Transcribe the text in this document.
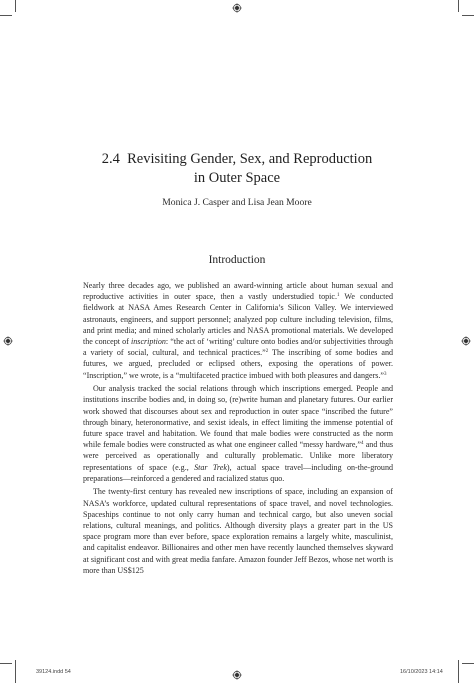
2.4 Revisiting Gender, Sex, and Reproduction
in Outer Space
Monica J. Casper and Lisa Jean Moore
Introduction

Nearly three decades ago, we published an award-winning article about human sexual and reproductive activities in outer space, then a vastly understudied topic.$^1$ We conducted fieldwork at NASA Ames Research Center in California’s Silicon Valley. We interviewed astronauts, engineers, and support personnel; analyzed pop culture including television, films, and print media; and mined scholarly articles and NASA promotional materials. We developed the concept of inscription: “the act of ‘writing’ culture onto bodies and/or subjectivities through a variety of social, cultural, and technical practices.”$^2$ The inscribing of some bodies and futures, we argued, precluded or eclipsed others, exposing the operations of power. “Inscription,” we wrote, is a “multifaceted practice imbued with both pleasures and dangers.”$^3$

Our analysis tracked the social relations through which inscriptions emerged. People and institutions inscribe bodies and, in doing so, (re)write human and planetary futures. Our earlier work showed that discourses about sex and reproduction in outer space “inscribed the future” through binary, heteronormative, and sexist ideals, in effect limiting the immense potential of future space travel and habitation. We found that male bodies were constructed as the norm while female bodies were constructed as what one engineer called “messy hardware,”$^4$ and thus were perceived as operationally and culturally problematic. Unlike more liberatory representations of space (e.g., Star Trek), actual space travel—including on-the-ground preparations—reinforced a gendered and racialized status quo.

The twenty-first century has revealed new inscriptions of space, including an expansion of NASA’s workforce, updated cultural representations of space travel, and novel technologies. Spaceships continue to not only carry human and technical cargo, but also uneven social relations, cultural meanings, and politics. Although diversity plays a greater part in the US space program more than ever before, space exploration remains a largely white, masculinist, and capitalist endeavor. Billionaires and other men have recently launched themselves skyward at significant cost and with great media fanfare. Amazon founder Jeff Bezos, whose net worth is more than US$125

39124.indd 54	16/10/2023 14:14
